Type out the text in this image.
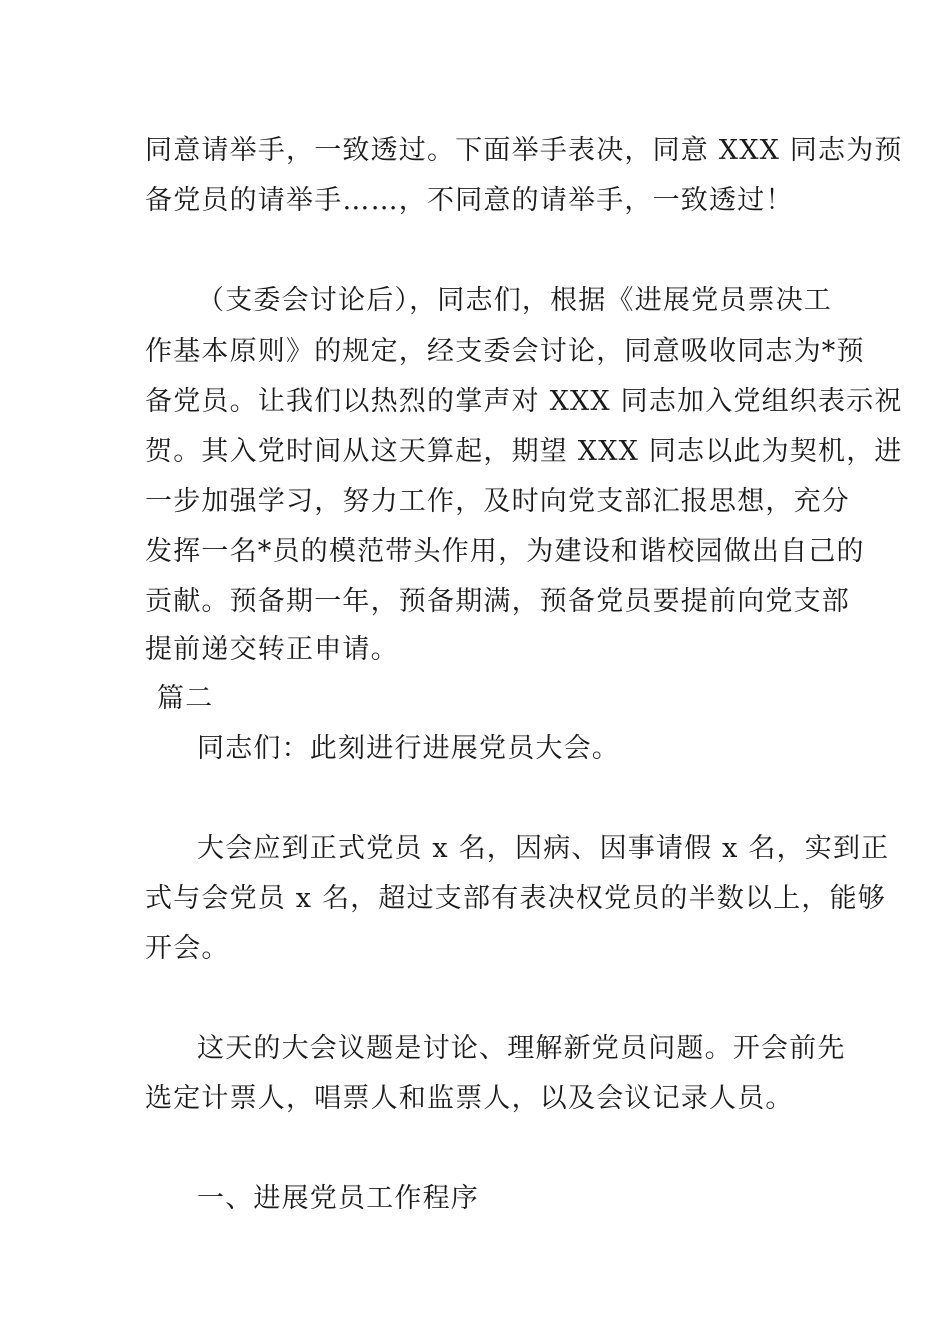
同意请举手，一致透过。下面举手表决，同意 XXX 同志为预
备党员的请举手……，不同意的请举手，一致透过！
（支委会讨论后），同志们，根据《进展党员票决工
作基本原则》的规定，经支委会讨论，同意吸收同志为*预
备党员。让我们以热烈的掌声对 XXX 同志加入党组织表示祝
贺。其入党时间从这天算起，期望 XXX 同志以此为契机，进
一步加强学习，努力工作，及时向党支部汇报思想，充分
发挥一名*员的模范带头作用，为建设和谐校园做出自己的
贡献。预备期一年，预备期满，预备党员要提前向党支部
提前递交转正申请。
篇二
同志们：此刻进行进展党员大会。
大会应到正式党员 x 名，因病、因事请假 x 名，实到正
式与会党员 x 名，超过支部有表决权党员的半数以上，能够
开会。
这天的大会议题是讨论、理解新党员问题。开会前先
选定计票人，唱票人和监票人，以及会议记录人员。
一、进展党员工作程序
